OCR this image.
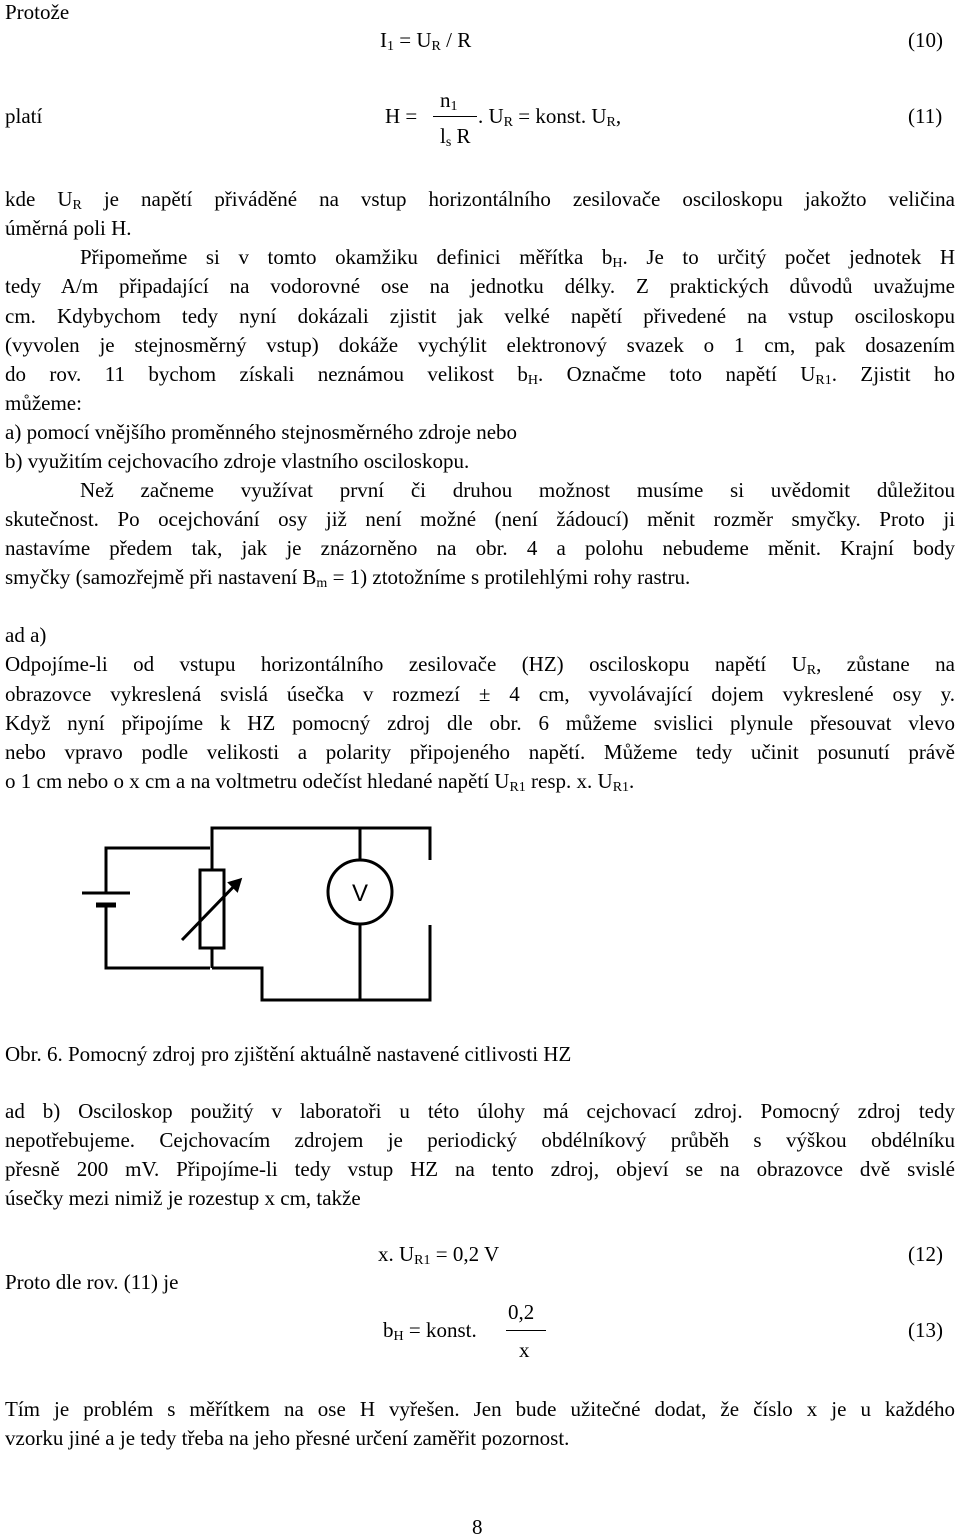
Protože
$I_1 = U_R / R$	(10)
platí	H =
$n_1$
$l_s$ R
. $U_R$ = konst. $U_R$,	(11)
kde $U_R$ je napětí přiváděné na vstup horizontálního zesilovače osciloskopu jakožto veličina
úměrná poli H.
Připomeňme si v tomto okamžiku definici měřítka $b_H$. Je to určitý počet jednotek H
tedy A/m připadající na vodorovné ose na jednotku délky. Z praktických důvodů uvažujme
cm. Kdybychom tedy nyní dokázali zjistit jak velké napětí přivedené na vstup osciloskopu
(vyvolen je stejnosměrný vstup) dokáže vychýlit elektronový svazek o 1 cm, pak dosazením
do rov. 11 bychom získali neznámou velikost $b_H$. Označme toto napětí $U_{R1}$. Zjistit ho
můžeme:
a) pomocí vnějšího proměnného stejnosměrného zdroje nebo
b) využitím cejchovacího zdroje vlastního osciloskopu.
Než začneme využívat první či druhou možnost musíme si uvědomit důležitou
skutečnost. Po ocejchování osy již není možné (není žádoucí) měnit rozměr smyčky. Proto ji
nastavíme předem tak, jak je znázorněno na obr. 4 a polohu nebudeme měnit. Krajní body
smyčky (samozřejmě při nastavení $B_m = 1$) ztotožníme s protilehlými rohy rastru.
ad a)
Odpojíme-li od vstupu horizontálního zesilovače (HZ) osciloskopu napětí $U_R$, zůstane na
obrazovce vykreslená svislá úsečka v rozmezí ± 4 cm, vyvolávající dojem vykreslené osy y.
Když nyní připojíme k HZ pomocný zdroj dle obr. 6 můžeme svislici plynule přesouvat vlevo
nebo vpravo podle velikosti a polarity připojeného napětí. Můžeme tedy učinit posunutí právě
o 1 cm nebo o x cm a na voltmetru odečíst hledané napětí $U_{R1}$ resp. x. $U_{R1}$.
V
Obr. 6. Pomocný zdroj pro zjištění aktuálně nastavené citlivosti HZ
ad b) Osciloskop použitý v laboratoři u této úlohy má cejchovací zdroj. Pomocný zdroj tedy
nepotřebujeme. Cejchovacím zdrojem je periodický obdélníkový průběh s výškou obdélníku
přesně 200 mV. Připojíme-li tedy vstup HZ na tento zdroj, objeví se na obrazovce dvě svislé
úsečky mezi nimiž je rozestup x cm, takže
x. $U_{R1} = 0,2$ V	(12)
Proto dle rov. (11) je
$b_H$ = konst.
0,2
x
(13)
Tím je problém s měřítkem na ose H vyřešen. Jen bude užitečné dodat, že číslo x je u každého
vzorku jiné a je tedy třeba na jeho přesné určení zaměřit pozornost.
8
